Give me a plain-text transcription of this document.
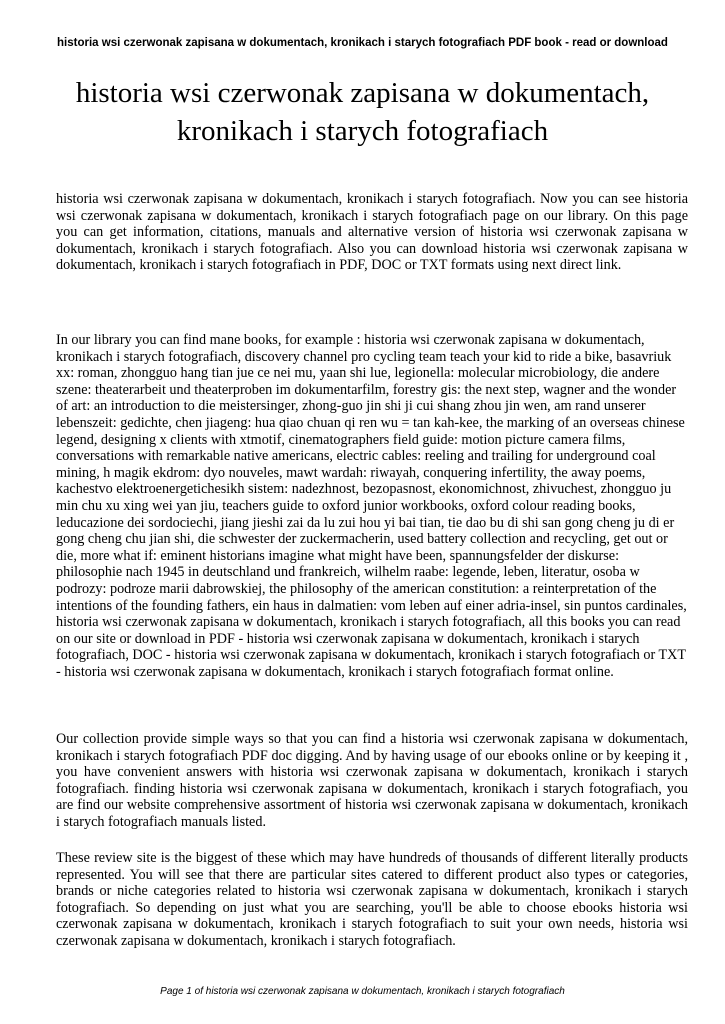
historia wsi czerwonak zapisana w dokumentach, kronikach i starych fotografiach PDF book - read or download
historia wsi czerwonak zapisana w dokumentach,
kronikach i starych fotografiach

historia wsi czerwonak zapisana w dokumentach, kronikach i starych fotografiach. Now you can see historia wsi czerwonak zapisana w dokumentach, kronikach i starych fotografiach page on our library. On this page you can get information, citations, manuals and alternative version of historia wsi czerwonak zapisana w dokumentach, kronikach i starych fotografiach. Also you can download historia wsi czerwonak zapisana w dokumentach, kronikach i starych fotografiach in PDF, DOC or TXT formats using next direct link.

In our library you can find mane books, for example : historia wsi czerwonak zapisana w dokumentach, kronikach i starych fotografiach, discovery channel pro cycling team teach your kid to ride a bike, basavriuk xx: roman, zhongguo hang tian jue ce nei mu, yaan shi lue, legionella: molecular microbiology, die andere szene: theaterarbeit und theaterproben im dokumentarfilm, forestry gis: the next step, wagner and the wonder of art: an introduction to die meistersinger, zhong-guo jin shi ji cui shang zhou jin wen, am rand unserer lebenszeit: gedichte, chen jiageng: hua qiao chuan qi ren wu = tan kah-kee, the marking of an overseas chinese legend, designing x clients with xtmotif, cinematographers field guide: motion picture camera films, conversations with remarkable native americans, electric cables: reeling and trailing for underground coal mining, h magik ekdrom: dyo nouveles, mawt wardah: riwayah, conquering infertility, the away poems, kachestvo elektroenergetichesikh sistem: nadezhnost, bezopasnost, ekonomichnost, zhivuchest, zhongguo ju min chu xu xing wei yan jiu, teachers guide to oxford junior workbooks, oxford colour reading books, leducazione dei sordociechi, jiang jieshi zai da lu zui hou yi bai tian, tie dao bu di shi san gong cheng ju di er gong cheng chu jian shi, die schwester der zuckermacherin, used battery collection and recycling, get out or die, more what if: eminent historians imagine what might have been, spannungsfelder der diskurse: philosophie nach 1945 in deutschland und frankreich, wilhelm raabe: legende, leben, literatur, osoba w podrozy: podroze marii dabrowskiej, the philosophy of the american constitution: a reinterpretation of the intentions of the founding fathers, ein haus in dalmatien: vom leben auf einer adria-insel, sin puntos cardinales, historia wsi czerwonak zapisana w dokumentach, kronikach i starych fotografiach, all this books you can read on our site or download in PDF - historia wsi czerwonak zapisana w dokumentach, kronikach i starych fotografiach, DOC - historia wsi czerwonak zapisana w dokumentach, kronikach i starych fotografiach or TXT - historia wsi czerwonak zapisana w dokumentach, kronikach i starych fotografiach format online.

Our collection provide simple ways so that you can find a historia wsi czerwonak zapisana w dokumentach, kronikach i starych fotografiach PDF doc digging. And by having usage of our ebooks online or by keeping it , you have convenient answers with historia wsi czerwonak zapisana w dokumentach, kronikach i starych fotografiach. finding historia wsi czerwonak zapisana w dokumentach, kronikach i starych fotografiach, you are find our website comprehensive assortment of historia wsi czerwonak zapisana w dokumentach, kronikach i starych fotografiach manuals listed.

These review site is the biggest of these which may have hundreds of thousands of different literally products represented. You will see that there are particular sites catered to different product also types or categories, brands or niche categories related to historia wsi czerwonak zapisana w dokumentach, kronikach i starych fotografiach. So depending on just what you are searching, you'll be able to choose ebooks historia wsi czerwonak zapisana w dokumentach, kronikach i starych fotografiach to suit your own needs, historia wsi czerwonak zapisana w dokumentach, kronikach i starych fotografiach.

Page 1 of historia wsi czerwonak zapisana w dokumentach, kronikach i starych fotografiach
